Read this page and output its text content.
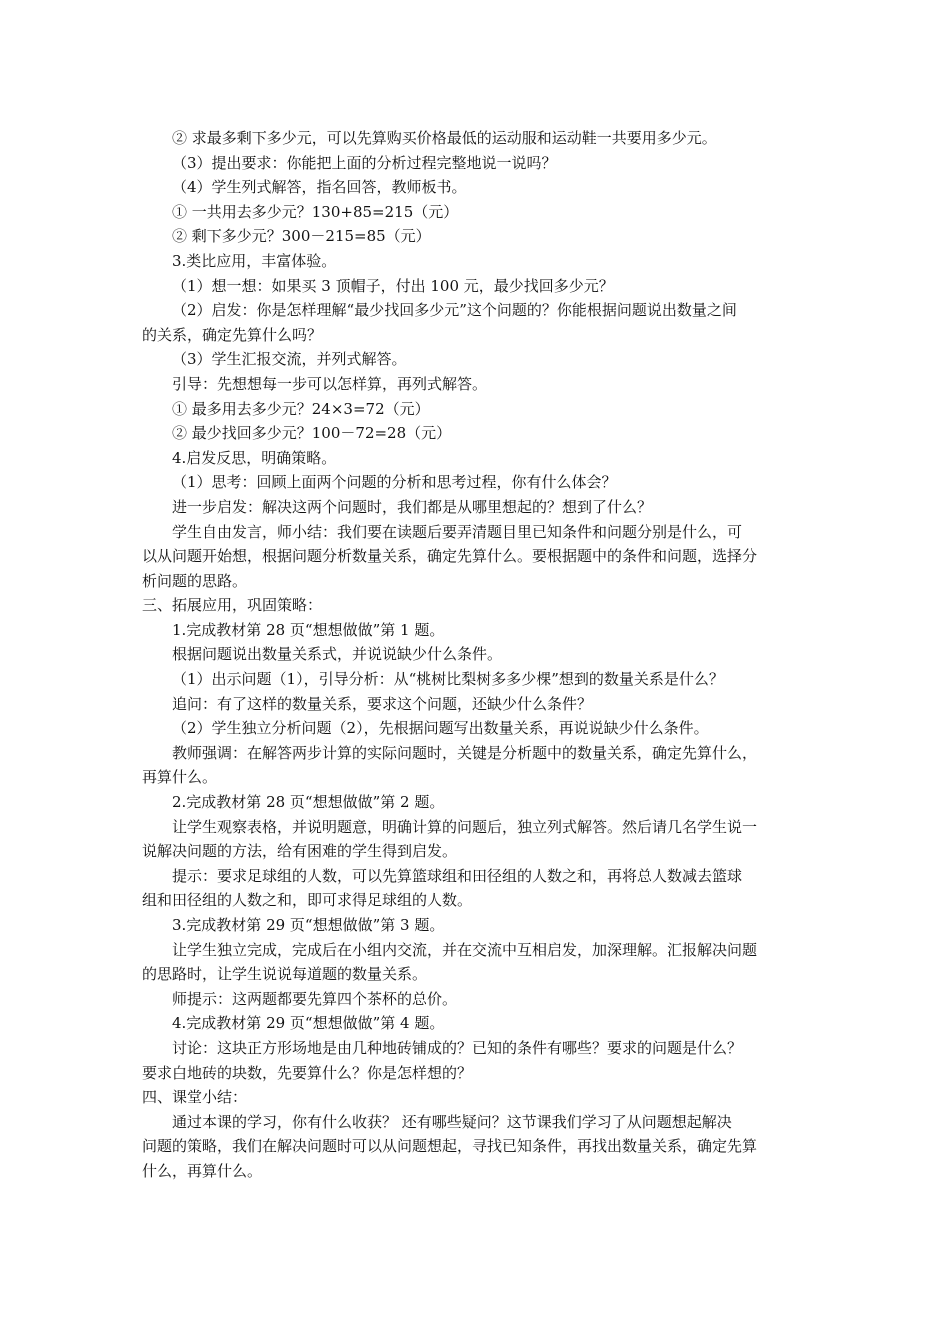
② 求最多剩下多少元，可以先算购买价格最低的运动服和运动鞋一共要用多少元。
（3）提出要求：你能把上面的分析过程完整地说一说吗？
（4）学生列式解答，指名回答，教师板书。
① 一共用去多少元？130+85=215（元）
② 剩下多少元？300－215=85（元）
3.类比应用，丰富体验。
（1）想一想：如果买 3 顶帽子，付出 100 元，最少找回多少元？
（2）启发：你是怎样理解“最少找回多少元”这个问题的？你能根据问题说出数量之间
的关系，确定先算什么吗？
（3）学生汇报交流，并列式解答。
引导：先想想每一步可以怎样算，再列式解答。
① 最多用去多少元？24×3=72（元）
② 最少找回多少元？100－72=28（元）
4.启发反思，明确策略。
（1）思考：回顾上面两个问题的分析和思考过程，你有什么体会？
进一步启发：解决这两个问题时，我们都是从哪里想起的？想到了什么？
学生自由发言，师小结：我们要在读题后要弄清题目里已知条件和问题分别是什么，可
以从问题开始想，根据问题分析数量关系，确定先算什么。要根据题中的条件和问题，选择分
析问题的思路。
三、拓展应用，巩固策略：
1.完成教材第 28 页“想想做做”第 1 题。
根据问题说出数量关系式，并说说缺少什么条件。
（1）出示问题（1），引导分析：从“桃树比梨树多多少棵”想到的数量关系是什么？
追问：有了这样的数量关系，要求这个问题，还缺少什么条件？
（2）学生独立分析问题（2），先根据问题写出数量关系，再说说缺少什么条件。
教师强调：在解答两步计算的实际问题时，关键是分析题中的数量关系，确定先算什么，
再算什么。
2.完成教材第 28 页“想想做做”第 2 题。
让学生观察表格，并说明题意，明确计算的问题后，独立列式解答。然后请几名学生说一
说解决问题的方法，给有困难的学生得到启发。
提示：要求足球组的人数，可以先算篮球组和田径组的人数之和，再将总人数减去篮球
组和田径组的人数之和，即可求得足球组的人数。
3.完成教材第 29 页“想想做做”第 3 题。
让学生独立完成，完成后在小组内交流，并在交流中互相启发，加深理解。汇报解决问题
的思路时，让学生说说每道题的数量关系。
师提示：这两题都要先算四个茶杯的总价。
4.完成教材第 29 页“想想做做”第 4 题。
讨论：这块正方形场地是由几种地砖铺成的？已知的条件有哪些？要求的问题是什么？
要求白地砖的块数，先要算什么？你是怎样想的？
四、课堂小结：
通过本课的学习，你有什么收获？ 还有哪些疑问？这节课我们学习了从问题想起解决
问题的策略，我们在解决问题时可以从问题想起，寻找已知条件，再找出数量关系，确定先算
什么，再算什么。
